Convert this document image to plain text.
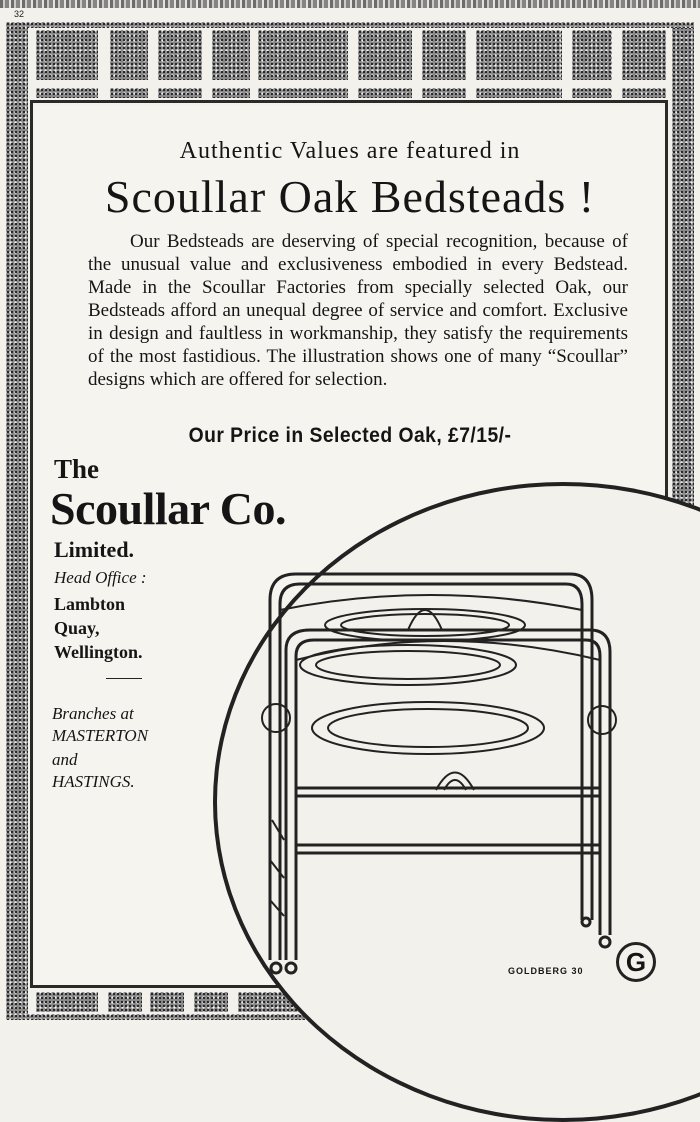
32
Authentic Values are featured in
Scoullar Oak Bedsteads !
Our Bedsteads are deserving of special recognition, because of the unusual value and exclusiveness embodied in every Bedstead. Made in the Scoullar Factories from specially selected Oak, our Bedsteads afford an unequal degree of service and comfort. Exclusive in design and faultless in workmanship, they satisfy the requirements of the most fastidious. The illustration shows one of many “Scoullar” designs which are offered for selection.
Our Price in Selected Oak, £7/15/-
The
Scoullar Co.
Limited.
Head Office :
Lambton
Quay,
Wellington.
Branches at
MASTERTON
and
HASTINGS.
GOLDBERG 30	G
